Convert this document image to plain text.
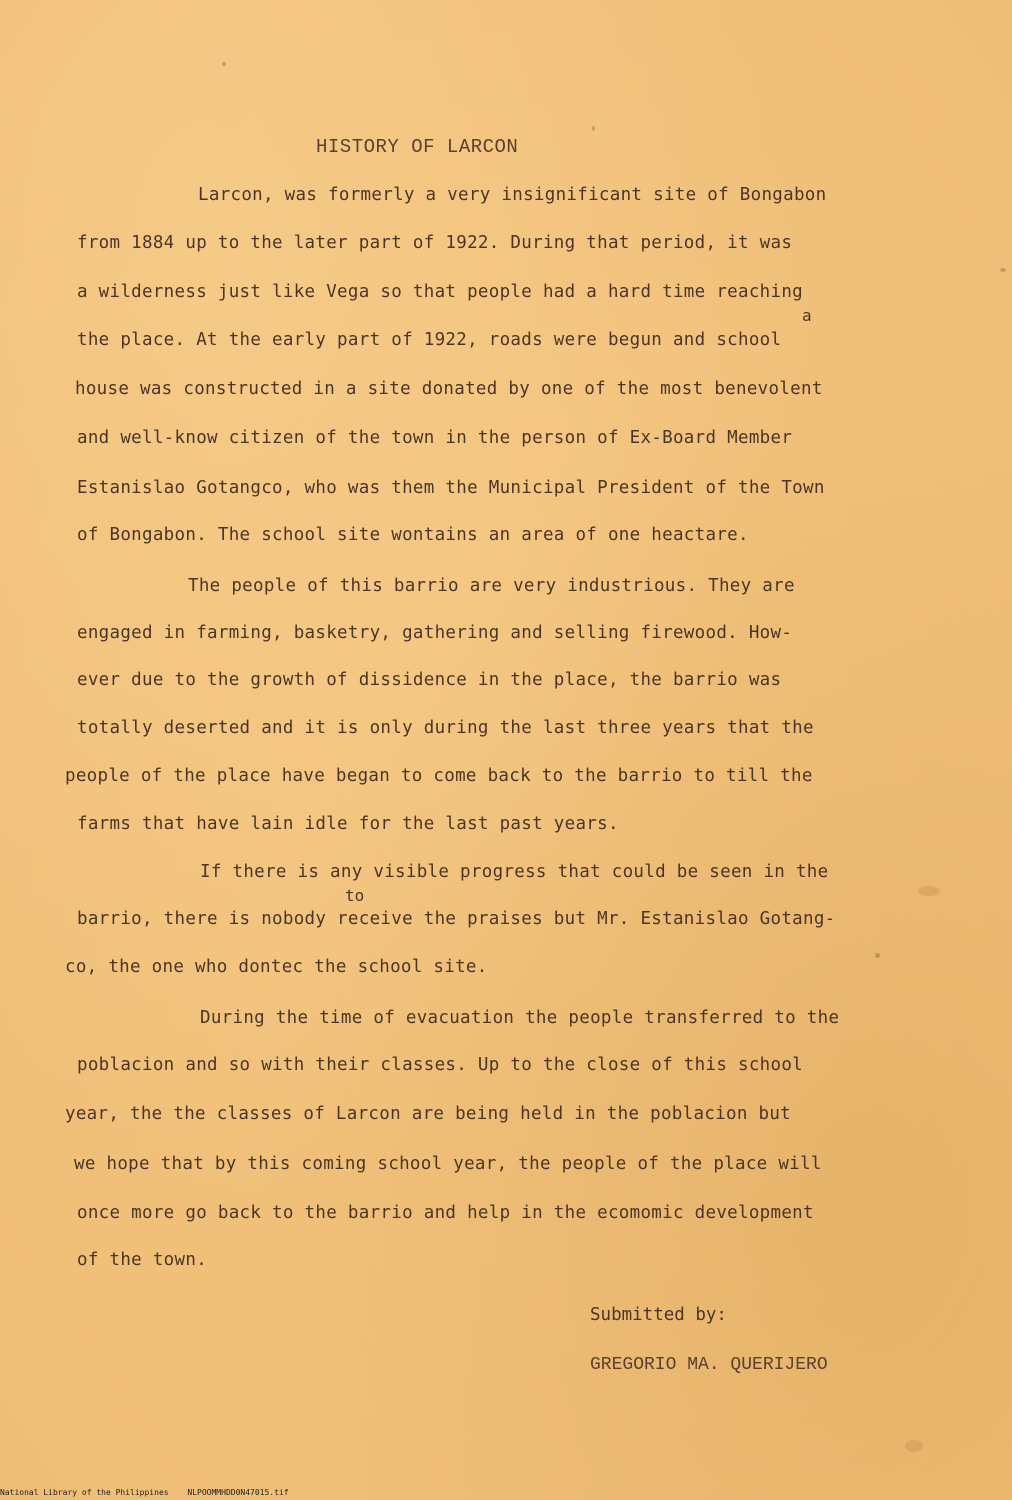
HISTORY OF LARCON
Larcon, was formerly a very insignificant site of Bongabon
from 1884 up to the later part of 1922. During that period, it was
a wilderness just like Vega so that people had a hard time reaching
a
the place. At the early part of 1922, roads were begun and school
house was constructed in a site donated by one of the most benevolent
and well-know citizen of the town in the person of Ex-Board Member
Estanislao Gotangco, who was them the Municipal President of the Town
of Bongabon. The school site wontains an area of one heactare.
The people of this barrio are very industrious. They are
engaged in farming, basketry, gathering and selling firewood. How-
ever due to the growth of dissidence in the place, the barrio was
totally deserted and it is only during the last three years that the
people of the place have began to come back to the barrio to till the
farms that have lain idle for the last past years.
If there is any visible progress that could be seen in the
to
barrio, there is nobody receive the praises but Mr. Estanislao Gotang-
co, the one who dontec the school site.
During the time of evacuation the people transferred to the
poblacion and so with their classes. Up to the close of this school
year, the the classes of Larcon are being held in the poblacion but
we hope that by this coming school year, the people of the place will
once more go back to the barrio and help in the ecomomic development
of the town.
Submitted by:
GREGORIO MA. QUERIJERO
National Library of the Philippines NLPOOMMHDD0N47015.tif
